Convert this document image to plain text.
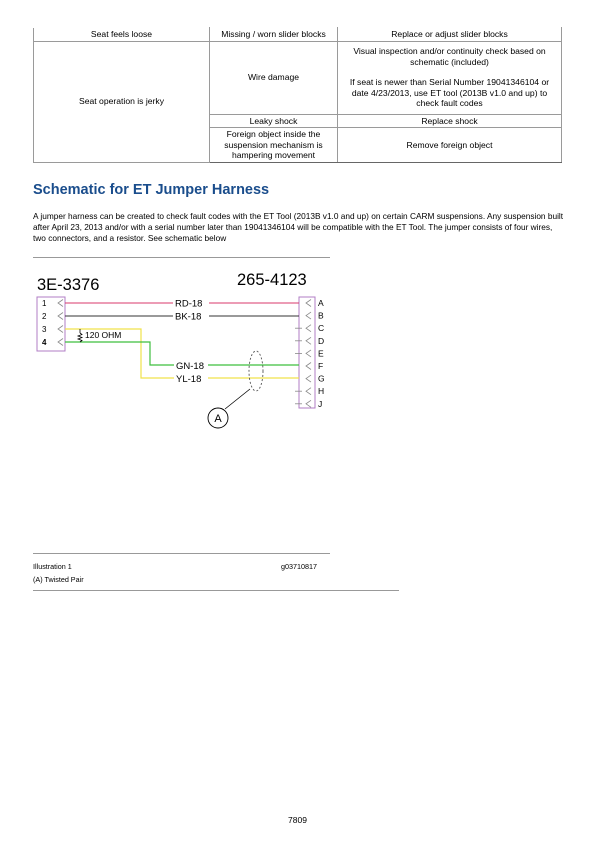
Seat feels loose	Missing / worn slider blocks	Replace or adjust slider blocks
Seat operation is jerky	Wire damage	Visual inspection and/or continuity check based on schematic (included)

If seat is newer than Serial Number 19041346104 or date 4/23/2013, use ET tool (2013B v1.0 and up) to check fault codes

	Leaky shock	Replace shock
	Foreign object inside the suspension mechanism is hampering movement	Remove foreign object
Schematic for ET Jumper Harness

A jumper harness can be created to check fault codes with the ET Tool (2013B v1.0 and up) on certain CARM suspensions. Any suspension built after April 23, 2013 and/or with a serial number later than 19041346104 will be compatible with the ET Tool. The jumper consists of four wires, two connectors, and a resistor. See schematic below

3E-3376	265-4123
1
2
3
4
A
B
C
D
E
F
G
H
J
120 OHM
RD-18
BK-18
GN-18
YL-18
A
Illustration 1	g03710817
(A) Twisted Pair
7809
